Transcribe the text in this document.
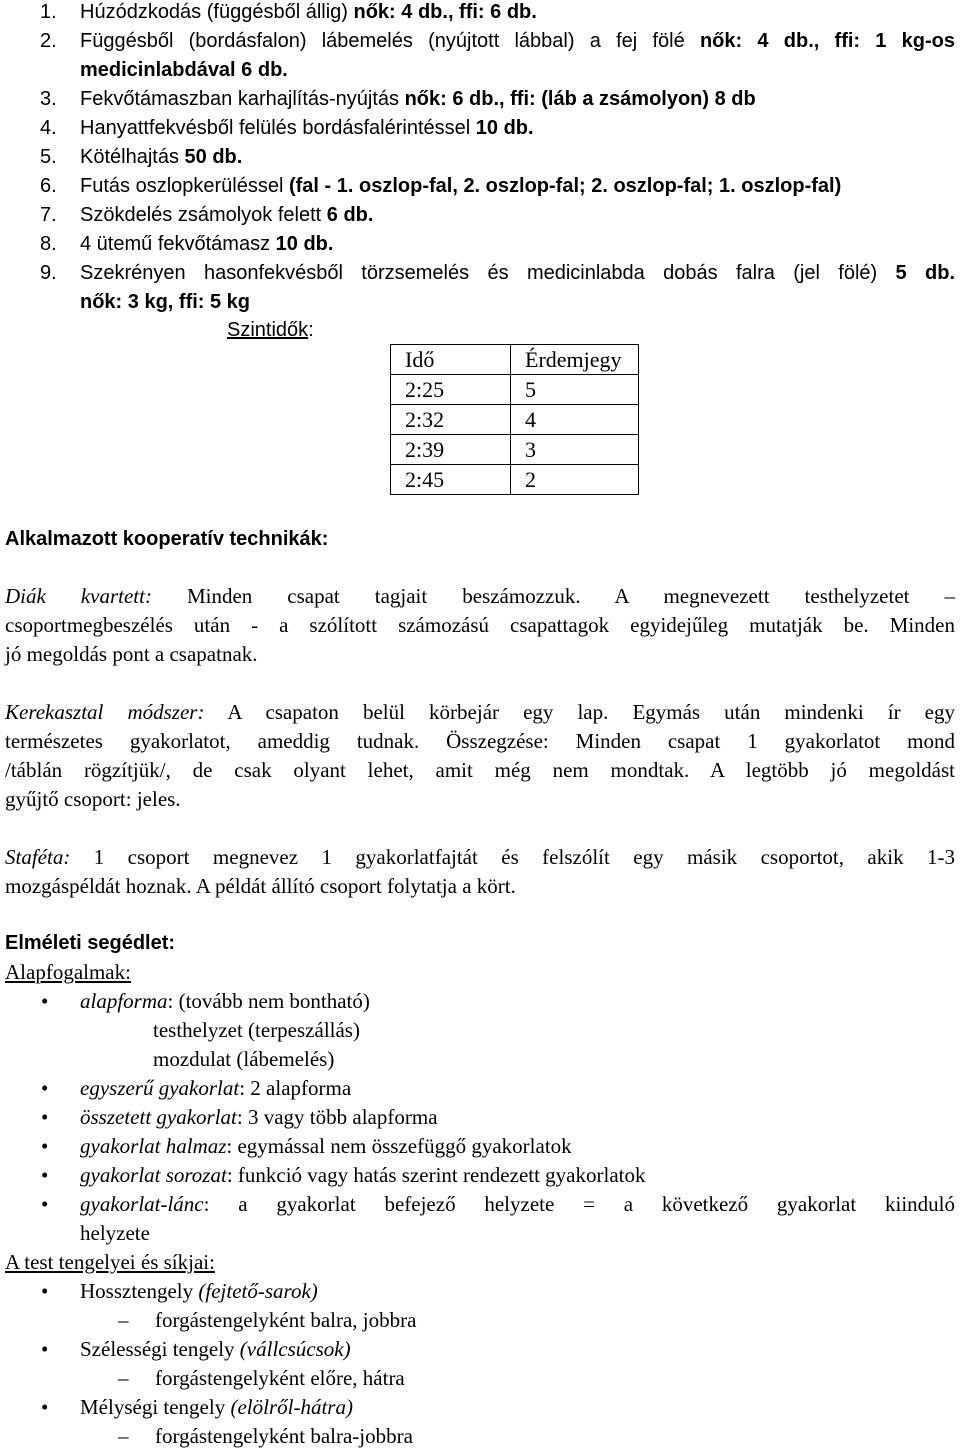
1. Húzódzkodás (függésből állig) nők: 4 db., ffi: 6 db.
2. Függésből (bordásfalon) lábemelés (nyújtott lábbal) a fej fölé nők: 4 db., ffi: 1 kg-os
medicinlabdával 6 db.
3. Fekvőtámaszban karhajlítás-nyújtás nők: 6 db., ffi: (láb a zsámolyon) 8 db
4. Hanyattfekvésből felülés bordásfalérintéssel 10 db.
5. Kötélhajtás 50 db.
6. Futás oszlopkerüléssel (fal - 1. oszlop-fal, 2. oszlop-fal; 2. oszlop-fal; 1. oszlop-fal)
7. Szökdelés zsámolyok felett 6 db.
8. 4 ütemű fekvőtámasz 10 db.
9. Szekrényen hasonfekvésből törzsemelés és medicinlabda dobás falra (jel fölé) 5 db.
nők: 3 kg, ffi: 5 kg
Szintidők:
Idő	Érdemjegy
2:25	5
2:32	4
2:39	3
2:45	2
Alkalmazott kooperatív technikák:
Diák kvartett: Minden csapat tagjait beszámozzuk. A megnevezett testhelyzetet –
csoportmegbeszélés után - a szólított számozású csapattagok egyidejűleg mutatják be. Minden
jó megoldás pont a csapatnak.
Kerekasztal módszer: A csapaton belül körbejár egy lap. Egymás után mindenki ír egy
természetes gyakorlatot, ameddig tudnak. Összegzése: Minden csapat 1 gyakorlatot mond
/táblán rögzítjük/, de csak olyant lehet, amit még nem mondtak. A legtöbb jó megoldást
gyűjtő csoport: jeles.
Staféta: 1 csoport megnevez 1 gyakorlatfajtát és felszólít egy másik csoportot, akik 1-3
mozgáspéldát hoznak. A példát állító csoport folytatja a kört.
Elméleti segédlet:
Alapfogalmak:
• alapforma: (tovább nem bontható)
testhelyzet (terpeszállás)
mozdulat (lábemelés)
• egyszerű gyakorlat: 2 alapforma
• összetett gyakorlat: 3 vagy több alapforma
• gyakorlat halmaz: egymással nem összefüggő gyakorlatok
• gyakorlat sorozat: funkció vagy hatás szerint rendezett gyakorlatok
• gyakorlat-lánc: a gyakorlat befejező helyzete = a következő gyakorlat kiinduló
helyzete
A test tengelyei és síkjai:
• Hossztengely (fejtető-sarok)
– forgástengelyként balra, jobbra
• Szélességi tengely (vállcsúcsok)
– forgástengelyként előre, hátra
• Mélységi tengely (elölről-hátra)
– forgástengelyként balra-jobbra
